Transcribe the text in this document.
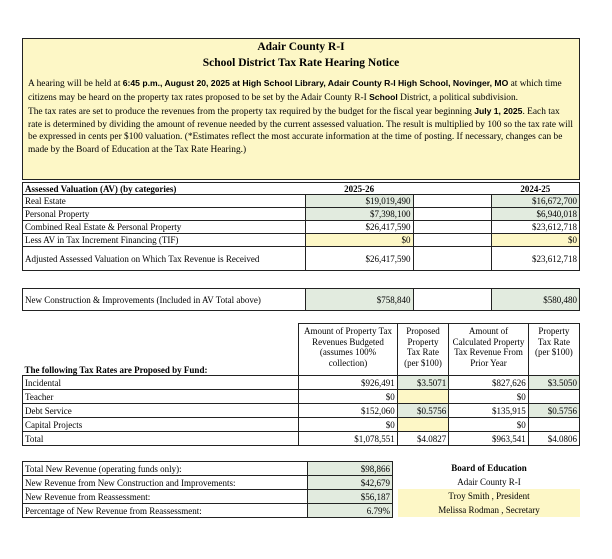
Adair County R-I
School District Tax Rate Hearing Notice

A hearing will be held at 6:45 p.m., August 20, 2025 at High School Library, Adair County R-I High School, Novinger, MO at which time citizens may be heard on the property tax rates proposed to be set by the Adair County R-I School District, a political subdivision.

The tax rates are set to produce the revenues from the property tax required by the budget for the fiscal year beginning July 1, 2025. Each tax rate is determined by dividing the amount of revenue needed by the current assessed valuation. The result is multiplied by 100 so the tax rate will be expressed in cents per $100 valuation. (*Estimates reflect the most accurate information at the time of posting. If necessary, changes can be made by the Board of Education at the Tax Rate Hearing.)

Assessed Valuation (AV) (by categories)	2025-26		2024-25
Real Estate	$19,019,490		$16,672,700
Personal Property	$7,398,100		$6,940,018
Combined Real Estate & Personal Property	$26,417,590		$23,612,718
Less AV in Tax Increment Financing (TIF)	$0		$0
Adjusted Assessed Valuation on Which Tax Revenue is Received	$26,417,590		$23,612,718
New Construction & Improvements (Included in AV Total above)	$758,840		$580,480
The following Tax Rates are Proposed by Fund:	Amount of Property Tax Revenues Budgeted (assumes 100% collection)	Proposed Property Tax Rate (per $100)	Amount of Calculated Property Tax Revenue From Prior Year	Property Tax Rate (per $100)
Incidental	$926,491	$3.5071	$827,626	$3.5050
Teacher	$0		$0	
Debt Service	$152,060	$0.5756	$135,915	$0.5756
Capital Projects	$0		$0	
Total	$1,078,551	$4.0827	$963,541	$4.0806
Total New Revenue (operating funds only):	$98,866
New Revenue from New Construction and Improvements:	$42,679
New Revenue from Reassessment:	$56,187
Percentage of New Revenue from Reassessment:	6.79%
Board of Education
Adair County R-I
Troy Smith , President
Melissa Rodman , Secretary
